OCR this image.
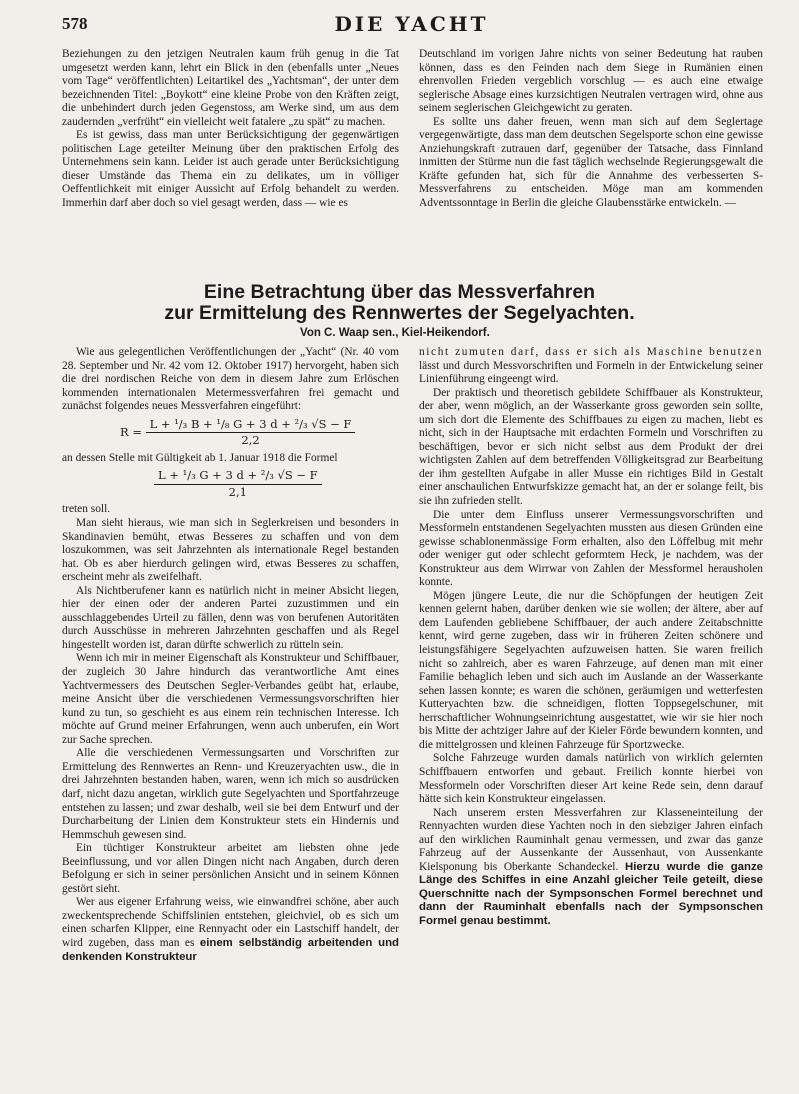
578	DIE YACHT

Beziehungen zu den jetzigen Neutralen kaum früh genug in die Tat umgesetzt werden kann, lehrt ein Blick in den (ebenfalls unter „Neues vom Tage“ veröffentlichten) Leitartikel des „Yachtsman“, der unter dem bezeichnenden Titel: „Boykott“ eine kleine Probe von den Kräften zeigt, die unbehindert durch jeden Gegenstoss, am Werke sind, um aus dem zaudernden „verfrüht“ ein vielleicht weit fatalere „zu spät“ zu machen.

Es ist gewiss, dass man unter Berücksichtigung der gegenwärtigen politischen Lage geteilter Meinung über den praktischen Erfolg des Unternehmens sein kann. Leider ist auch gerade unter Berücksichtigung dieser Umstände das Thema ein zu delikates, um in völliger Oeffentlichkeit mit einiger Aussicht auf Erfolg behandelt zu werden. Immerhin darf aber doch so viel gesagt werden, dass — wie es

Deutschland im vorigen Jahre nichts von seiner Bedeutung hat rauben können, dass es den Feinden nach dem Siege in Rumänien einen ehrenvollen Frieden vergeblich vorschlug — es auch eine etwaige seglerische Absage eines kurzsichtigen Neutralen vertragen wird, ohne aus seinem seglerischen Gleichgewicht zu geraten.

Es sollte uns daher freuen, wenn man sich auf dem Seglertage vergegenwärtigte, dass man dem deutschen Segelsporte schon eine gewisse Anziehungskraft zutrauen darf, gegenüber der Tatsache, dass Finnland inmitten der Stürme nun die fast täglich wechselnde Regierungsgewalt die Kräfte gefunden hat, sich für die Annahme des verbesserten S-Messverfahrens zu entscheiden. Möge man am kommenden Adventssonntage in Berlin die gleiche Glaubensstärke entwickeln. —

Eine Betrachtung über das Messverfahren
zur Ermittelung des Rennwertes der Segelyachten.
Von C. Waap sen., Kiel-Heikendorf.

Wie aus gelegentlichen Veröffentlichungen der „Yacht“ (Nr. 40 vom 28. September und Nr. 42 vom 12. Oktober 1917) hervorgeht, haben sich die drei nordischen Reiche von dem in diesem Jahre zum Erlöschen kommenden internationalen Metermessverfahren frei gemacht und zunächst folgendes neues Messverfahren eingeführt:

$R = \frac{\text{L + ¹/₃ B + ¹/₈ G + 3 d + ²/₃ √S − F}}{2,2}$

an dessen Stelle mit Gültigkeit ab 1. Januar 1918 die Formel

$\frac{\text{L + ¹/₃ G + 3 d + ²/₃ √S − F}}{2,1}$

treten soll.

Man sieht hieraus, wie man sich in Seglerkreisen und besonders in Skandinavien bemüht, etwas Besseres zu schaffen und von dem loszukommen, was seit Jahrzehnten als internationale Regel bestanden hat. Ob es aber hierdurch gelingen wird, etwas Besseres zu schaffen, erscheint mehr als zweifelhaft.

Als Nichtberufener kann es natürlich nicht in meiner Absicht liegen, hier der einen oder der anderen Partei zuzustimmen und ein ausschlaggebendes Urteil zu fällen, denn was von berufenen Autoritäten durch Ausschüsse in mehreren Jahrzehnten geschaffen und als Regel hingestellt worden ist, daran dürfte schwerlich zu rütteln sein.

Wenn ich mir in meiner Eigenschaft als Konstrukteur und Schiffbauer, der zugleich 30 Jahre hindurch das verantwortliche Amt eines Yachtvermessers des Deutschen Segler-Verbandes geübt hat, erlaube, meine Ansicht über die verschiedenen Vermessungsvorschriften hier kund zu tun, so geschieht es aus einem rein technischen Interesse. Ich möchte auf Grund meiner Erfahrungen, wenn auch unberufen, ein Wort zur Sache sprechen.

Alle die verschiedenen Vermessungsarten und Vorschriften zur Ermittelung des Rennwertes an Renn- und Kreuzeryachten usw., die in drei Jahrzehnten bestanden haben, waren, wenn ich mich so ausdrücken darf, nicht dazu angetan, wirklich gute Segelyachten und Sportfahrzeuge entstehen zu lassen; und zwar deshalb, weil sie bei dem Entwurf und der Durcharbeitung der Linien dem Konstrukteur stets ein Hindernis und Hemmschuh gewesen sind.

Ein tüchtiger Konstrukteur arbeitet am liebsten ohne jede Beeinflussung, und vor allen Dingen nicht nach Angaben, durch deren Befolgung er sich in seiner persönlichen Ansicht und in seinem Können gestört sieht.

Wer aus eigener Erfahrung weiss, wie einwandfrei schöne, aber auch zweckentsprechende Schiffslinien entstehen, gleichviel, ob es sich um einen scharfen Klipper, eine Rennyacht oder ein Lastschiff handelt, der wird zugeben, dass man es einem selbständig arbeitenden und denkenden Konstrukteur

nicht zumuten darf, dass er sich als Maschine benutzen lässt und durch Messvorschriften und Formeln in der Entwickelung seiner Linienführung eingeengt wird.

Der praktisch und theoretisch gebildete Schiffbauer als Konstrukteur, der aber, wenn möglich, an der Wasserkante gross geworden sein sollte, um sich dort die Elemente des Schiffbaues zu eigen zu machen, liebt es nicht, sich in der Hauptsache mit erdachten Formeln und Vorschriften zu beschäftigen, bevor er sich nicht selbst aus dem Produkt der drei wichtigsten Zahlen auf dem betreffenden Völligkeitsgrad zur Bearbeitung der ihm gestellten Aufgabe in aller Musse ein richtiges Bild in Gestalt einer anschaulichen Entwurfskizze gemacht hat, an der er solange feilt, bis sie ihn zufrieden stellt.

Die unter dem Einfluss unserer Vermessungsvorschriften und Messformeln entstandenen Segelyachten mussten aus diesen Gründen eine gewisse schablonenmässige Form erhalten, also den Löffelbug mit mehr oder weniger gut oder schlecht geformtem Heck, je nachdem, was der Konstrukteur aus dem Wirrwar von Zahlen der Messformel herausholen konnte.

Mögen jüngere Leute, die nur die Schöpfungen der heutigen Zeit kennen gelernt haben, darüber denken wie sie wollen; der ältere, aber auf dem Laufenden gebliebene Schiffbauer, der auch andere Zeitabschnitte kennt, wird gerne zugeben, dass wir in früheren Zeiten schönere und leistungsfähigere Segelyachten aufzuweisen hatten. Sie waren freilich nicht so zahlreich, aber es waren Fahrzeuge, auf denen man mit einer Familie behaglich leben und sich auch im Auslande an der Wasserkante sehen lassen konnte; es waren die schönen, geräumigen und wetterfesten Kutteryachten bzw. die schneidigen, flotten Toppsegelschuner, mit herrschaftlicher Wohnungseinrichtung ausgestattet, wie wir sie hier noch bis Mitte der achtziger Jahre auf der Kieler Förde bewundern konnten, und die mittelgrossen und kleinen Fahrzeuge für Sportzwecke.

Solche Fahrzeuge wurden damals natürlich von wirklich gelernten Schiffbauern entworfen und gebaut. Freilich konnte hierbei von Messformeln oder Vorschriften dieser Art keine Rede sein, denn darauf hätte sich kein Konstrukteur eingelassen.

Nach unserem ersten Messverfahren zur Klasseneinteilung der Rennyachten wurden diese Yachten noch in den siebziger Jahren einfach auf den wirklichen Rauminhalt genau vermessen, und zwar das ganze Fahrzeug auf der Aussenkante der Aussenhaut, von Aussenkante Kielsponung bis Oberkante Schandeckel. Hierzu wurde die ganze Länge des Schiffes in eine Anzahl gleicher Teile geteilt, diese Querschnitte nach der Sympsonschen Formel berechnet und dann der Rauminhalt ebenfalls nach der Sympsonschen Formel genau bestimmt.
